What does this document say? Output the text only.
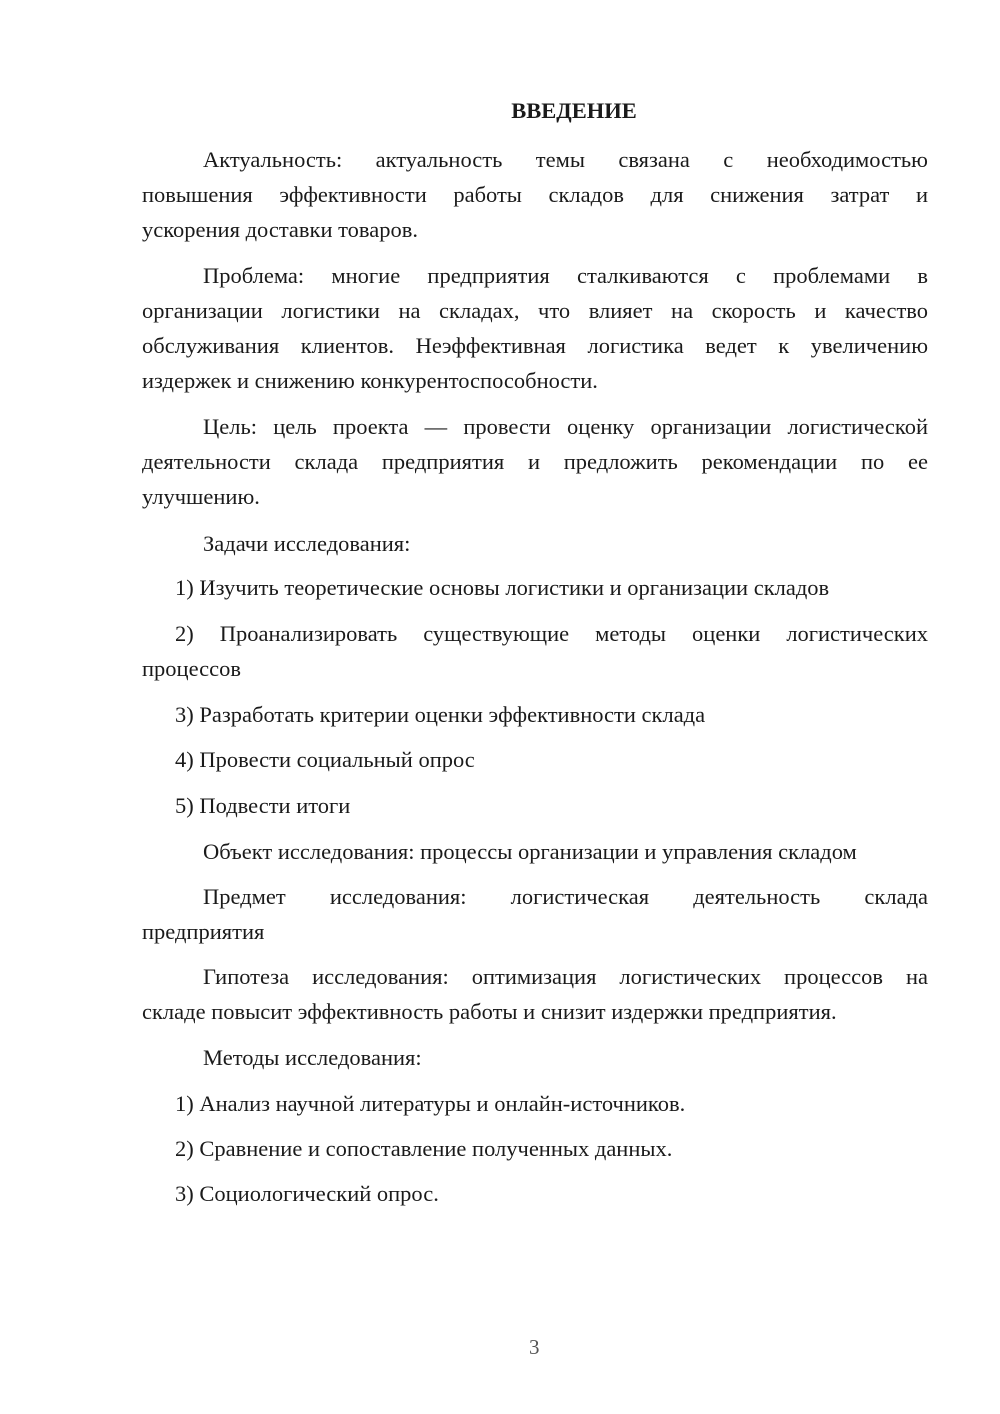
ВВЕДЕНИЕ
Актуальность: актуальность темы связана с необходимостью
повышения эффективности работы складов для снижения затрат и
ускорения доставки товаров.
Проблема: многие предприятия сталкиваются с проблемами в
организации логистики на складах, что влияет на скорость и качество
обслуживания клиентов. Неэффективная логистика ведет к увеличению
издержек и снижению конкурентоспособности.
Цель: цель проекта — провести оценку организации логистической
деятельности склада предприятия и предложить рекомендации по ее
улучшению.
Задачи исследования:
1) Изучить теоретические основы логистики и организации складов
2) Проанализировать существующие методы оценки логистических
процессов
3) Разработать критерии оценки эффективности склада
4) Провести социальный опрос
5) Подвести итоги
Объект исследования: процессы организации и управления складом
Предмет исследования: логистическая деятельность склада
предприятия
Гипотеза исследования: оптимизация логистических процессов на
складе повысит эффективность работы и снизит издержки предприятия.
Методы исследования:
1) Анализ научной литературы и онлайн-источников.
2) Сравнение и сопоставление полученных данных.
3) Социологический опрос.
3
